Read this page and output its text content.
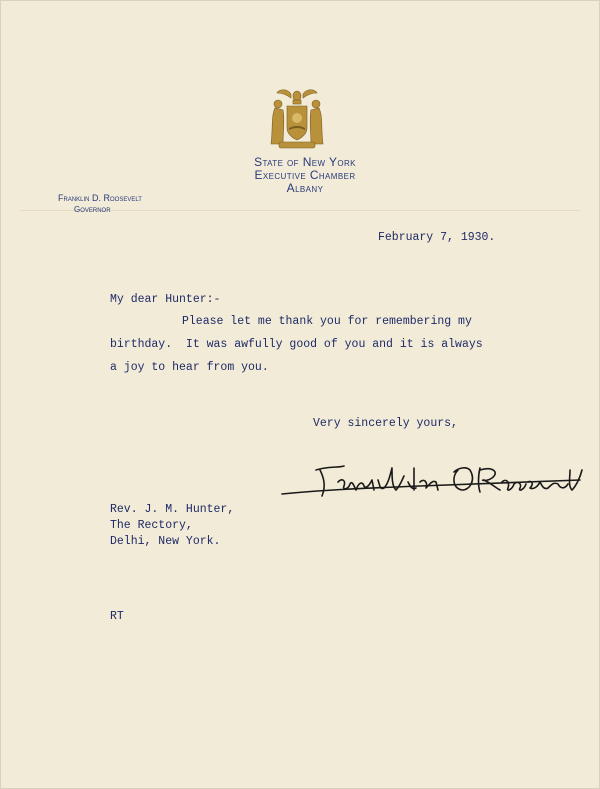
State of New York
Executive Chamber
Albany
Franklin D. Roosevelt
Governor
February 7, 1930.
My dear Hunter:-
Please let me thank you for remembering my
birthday.  It was awfully good of you and it is always
a joy to hear from you.
Very sincerely yours,
Rev. J. M. Hunter,
The Rectory,
Delhi, New York.
RT
